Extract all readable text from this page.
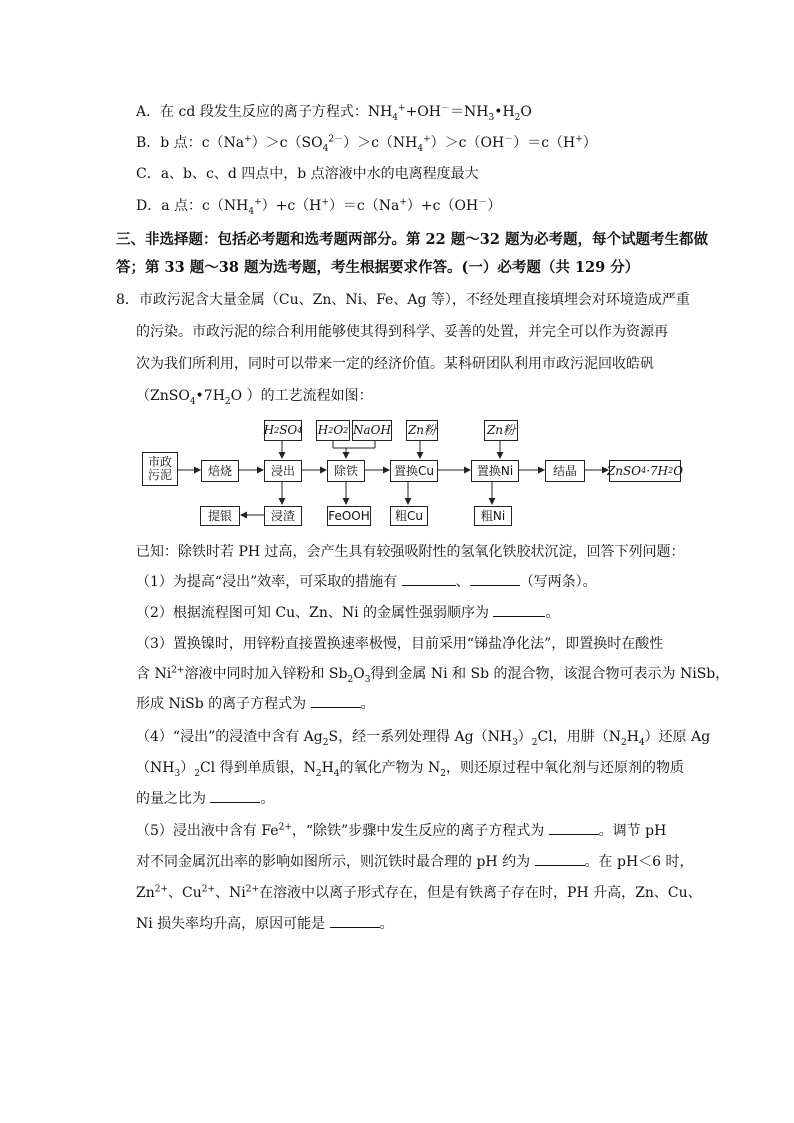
A．在 cd 段发生反应的离子方程式：$NH_4^++OH^-=NH_3•H_2O$
B．b 点：$c(Na^+)>c(SO_4^{2-})>c(NH_4^+)>c(OH^-)=c(H^+)$
C．a、b、c、d 四点中，b 点溶液中水的电离程度最大
D．a 点：$c(NH_4^+)+c(H^+)=c(Na^+)+c(OH^-)$
三、非选择题：包括必考题和选考题两部分。第 22 题～32 题为必考题，每个试题考生都做
答；第 33 题～38 题为选考题，考生根据要求作答。(一）必考题（共 129 分）
8．市政污泥含大量金属（Cu、Zn、Ni、Fe、Ag 等），不经处理直接填埋会对环境造成严重
的污染。市政污泥的综合利用能够使其得到科学、妥善的处置，并完全可以作为资源再
次为我们所利用，同时可以带来一定的经济价值。某科研团队利用市政污泥回收皓矾
（$ZnSO_4•7H_2O$ ）的工艺流程如图：
市政污泥	焙烧	浸出	除铁	置换Cu	置换Ni	结晶	ZnSO 4 ·7H 2 O
H 2 SO 4 H 2 O 2 NaOH Zn粉	Zn粉
提银	浸渣	FeOOH	粗Cu	粗Ni
已知：除铁时若 PH 过高，会产生具有较强吸附性的氢氧化铁胶状沉淀，回答下列问题：
（1）为提高“浸出”效率，可采取的措施有	、	（写两条）。
（2）根据流程图可知 Cu、Zn、Ni 的金属性强弱顺序为	。
（3）置换镍时，用锌粉直接置换速率极慢，目前采用“锑盐净化法”，即置换时在酸性
含 $Ni^{2+}$溶液中同时加入锌粉和 $Sb_2O_3$得到金属 Ni 和 Sb 的混合物，该混合物可表示为 NiSb，
形成 NiSb 的离子方程式为	。
（4）“浸出”的浸渣中含有 $Ag_2S$，经一系列处理得 $Ag(NH_3)_2Cl$，用肼$(N_2H_4)$还原 Ag
$(NH_3)_2Cl$ 得到单质银，$N_2H_4$的氧化产物为 $N_2$，则还原过程中氧化剂与还原剂的物质
的量之比为	。
（5）浸出液中含有 $Fe^{2+}$，“除铁”步骤中发生反应的离子方程式为	。调节 pH
对不同金属沉出率的影响如图所示，则沉铁时最合理的 pH 约为	。在 pH＜6 时，
$Zn^{2+}$、$Cu^{2+}$、$Ni^{2+}$在溶液中以离子形式存在，但是有铁离子存在时，PH 升高，Zn、Cu、
Ni 损失率均升高，原因可能是	。
